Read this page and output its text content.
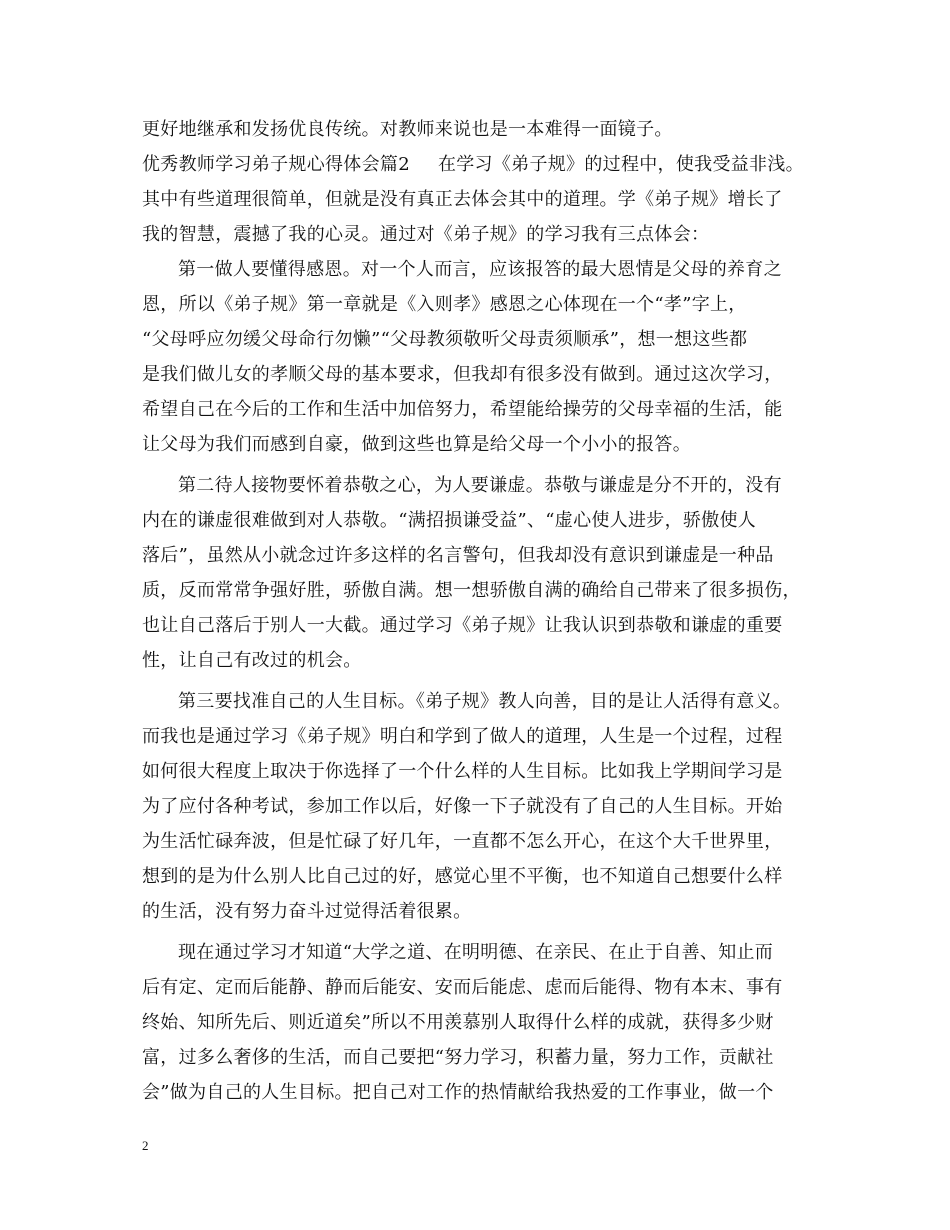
更好地继承和发扬优良传统。对教师来说也是一本难得一面镜子。

优秀教师学习弟子规心得体会篇2 在学习《弟子规》的过程中，使我受益非浅。

其中有些道理很简单，但就是没有真正去体会其中的道理。学《弟子规》增长了

我的智慧，震撼了我的心灵。通过对《弟子规》的学习我有三点体会：

第一做人要懂得感恩。对一个人而言，应该报答的最大恩情是父母的养育之

恩，所以《弟子规》第一章就是《入则孝》感恩之心体现在一个“孝”字上，

“父母呼应勿缓父母命行勿懒”“父母教须敬听父母责须顺承”，想一想这些都

是我们做儿女的孝顺父母的基本要求，但我却有很多没有做到。通过这次学习，

希望自己在今后的工作和生活中加倍努力，希望能给操劳的父母幸福的生活，能

让父母为我们而感到自豪，做到这些也算是给父母一个小小的报答。

第二待人接物要怀着恭敬之心，为人要谦虚。恭敬与谦虚是分不开的，没有

内在的谦虚很难做到对人恭敬。“满招损谦受益”、“虚心使人进步，骄傲使人

落后”，虽然从小就念过许多这样的名言警句，但我却没有意识到谦虚是一种品

质，反而常常争强好胜，骄傲自满。想一想骄傲自满的确给自己带来了很多损伤，

也让自己落后于别人一大截。通过学习《弟子规》让我认识到恭敬和谦虚的重要

性，让自己有改过的机会。

第三要找准自己的人生目标。《弟子规》教人向善，目的是让人活得有意义。

而我也是通过学习《弟子规》明白和学到了做人的道理，人生是一个过程，过程

如何很大程度上取决于你选择了一个什么样的人生目标。比如我上学期间学习是

为了应付各种考试，参加工作以后，好像一下子就没有了自己的人生目标。开始

为生活忙碌奔波，但是忙碌了好几年，一直都不怎么开心，在这个大千世界里，

想到的是为什么别人比自己过的好，感觉心里不平衡，也不知道自己想要什么样

的生活，没有努力奋斗过觉得活着很累。

现在通过学习才知道“大学之道、在明明德、在亲民、在止于自善、知止而

后有定、定而后能静、静而后能安、安而后能虑、虑而后能得、物有本末、事有

终始、知所先后、则近道矣”所以不用羡慕别人取得什么样的成就，获得多少财

富，过多么奢侈的生活，而自己要把“努力学习，积蓄力量，努力工作，贡献社

会”做为自己的人生目标。把自己对工作的热情献给我热爱的工作事业，做一个

2
